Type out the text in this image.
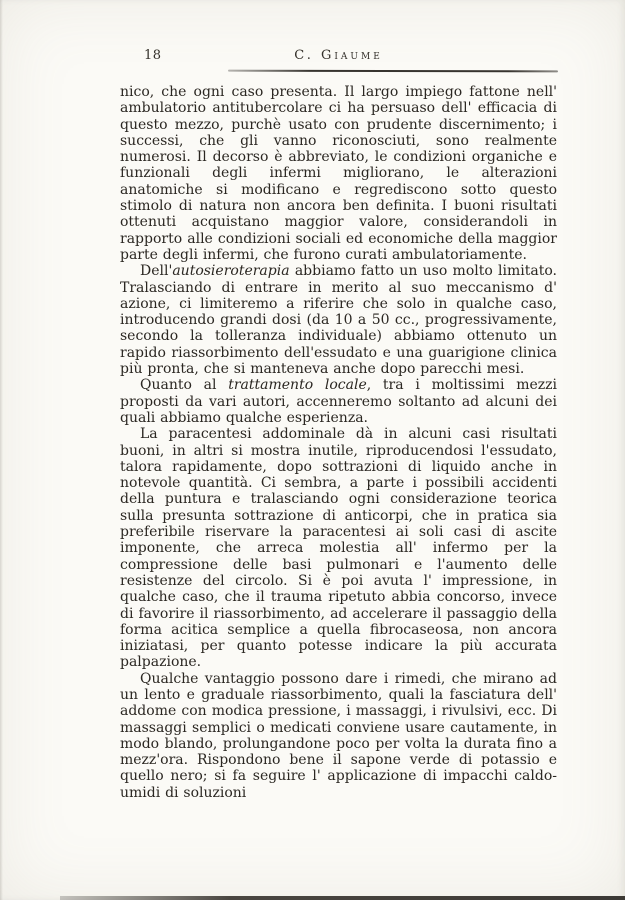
18	C. Giaume

nico, che ogni caso presenta. Il largo impiego fattone nell' ambulatorio antitubercolare ci ha persuaso dell' efficacia di questo mezzo, purchè usato con prudente discernimento; i successi, che gli vanno riconosciuti, sono realmente numerosi. Il decorso è abbreviato, le condizioni organiche e funzionali degli infermi migliorano, le alterazioni anatomiche si modificano e regrediscono sotto questo stimolo di natura non ancora ben definita. I buoni risultati ottenuti acquistano maggior valore, considerandoli in rapporto alle condizioni sociali ed economiche della maggior parte degli infermi, che furono curati ambulatoriamente.

Dell'autosieroterapia abbiamo fatto un uso molto limitato. Tralasciando di entrare in merito al suo meccanismo d' azione, ci limiteremo a riferire che solo in qualche caso, introducendo grandi dosi (da 10 a 50 cc., progressivamente, secondo la tolleranza individuale) abbiamo ottenuto un rapido riassorbimento dell'essudato e una guarigione clinica più pronta, che si manteneva anche dopo parecchi mesi.

Quanto al trattamento locale, tra i moltissimi mezzi proposti da vari autori, accenneremo soltanto ad alcuni dei quali abbiamo qualche esperienza.

La paracentesi addominale dà in alcuni casi risultati buoni, in altri si mostra inutile, riproducendosi l'essudato, talora rapidamente, dopo sottrazioni di liquido anche in notevole quantità. Ci sembra, a parte i possibili accidenti della puntura e tralasciando ogni considerazione teorica sulla presunta sottrazione di anticorpi, che in pratica sia preferibile riservare la paracentesi ai soli casi di ascite imponente, che arreca molestia all' infermo per la compressione delle basi pulmonari e l'aumento delle resistenze del circolo. Si è poi avuta l' impressione, in qualche caso, che il trauma ripetuto abbia concorso, invece di favorire il riassorbimento, ad accelerare il passaggio della forma acitica semplice a quella fibrocaseosa, non ancora iniziatasi, per quanto potesse indicare la più accurata palpazione.

Qualche vantaggio possono dare i rimedi, che mirano ad un lento e graduale riassorbimento, quali la fasciatura dell' addome con modica pressione, i massaggi, i rivulsivi, ecc. Di massaggi semplici o medicati conviene usare cautamente, in modo blando, prolungandone poco per volta la durata fino a mezz'ora. Rispondono bene il sapone verde di potassio e quello nero; si fa seguire l' applicazione di impacchi caldo-umidi di soluzioni
